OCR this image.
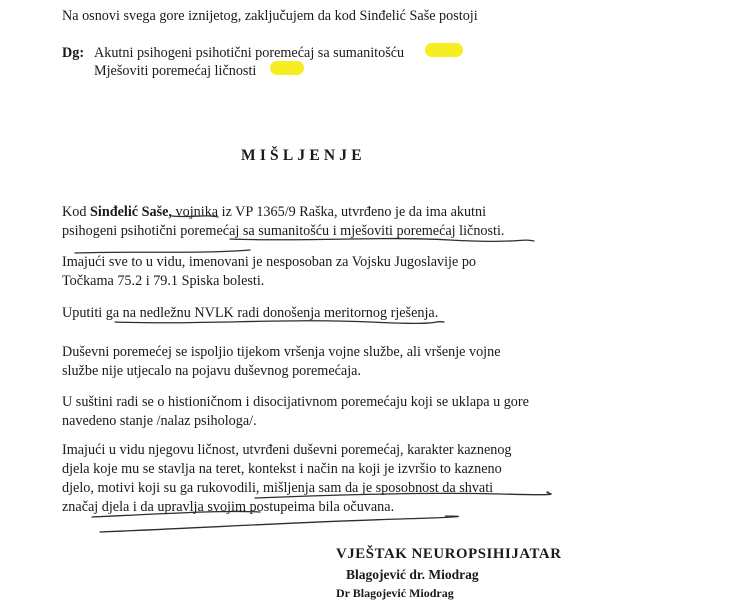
Na osnovi svega gore iznijetog, zaključujem da kod Sinđelić Saše postoji
Dg: Akutni psihogeni psihotični poremećaj sa sumanitošću
Mješoviti poremećaj ličnosti
MIŠLJENJE
Kod Sinđelić Saše, vojnika iz VP 1365/9 Raška, utvrđeno je da ima akutni
psihogeni psihotični poremećaj sa sumanitošću i mješoviti poremećaj ličnosti.
Imajući sve to u vidu, imenovani je nesposoban za Vojsku Jugoslavije po
Točkama 75.2 i 79.1 Spiska bolesti.
Uputiti ga na nedležnu NVLK radi donošenja meritornog rješenja.
Duševni poremećej se ispoljio tijekom vršenja vojne službe, ali vršenje vojne
službe nije utjecalo na pojavu duševnog poremećaja.
U suštini radi se o histioničnom i disocijativnom poremećaju koji se uklapa u gore
navedeno stanje /nalaz psihologa/.
Imajući u vidu njegovu ličnost, utvrđeni duševni poremećaj, karakter kaznenog
djela koje mu se stavlja na teret, kontekst i način na koji je izvršio to kazneno
djelo, motivi koji su ga rukovodili, mišljenja sam da je sposobnost da shvati
značaj djela i da upravlja svojim postupeima bila očuvana.
VJEŠTAK NEUROPSIHIJATAR
Blagojević dr. Miodrag
Dr Blagojević Miodrag
